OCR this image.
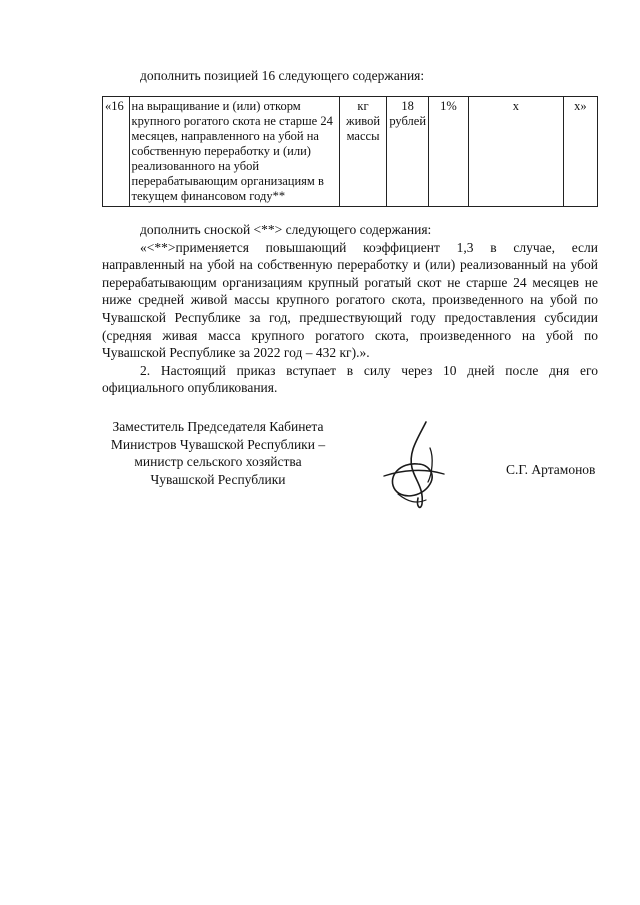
дополнить позицией 16 следующего содержания:
«16	на выращивание и (или) откорм крупного рогатого скота не старше 24 месяцев, направленного на убой на собственную переработку и (или) реализованного на убой перерабатывающим организациям в текущем финансовом году**	кг живой массы	18 рублей	1%	х	х»

дополнить сноской <**> следующего содержания:

«<**>применяется повышающий коэффициент 1,3 в случае, если направленный на убой на собственную переработку и (или) реализованный на убой перерабатывающим организациям крупный рогатый скот не старше 24 месяцев не ниже средней живой массы крупного рогатого скота, произведенного на убой по Чувашской Республике за год, предшествующий году предоставления субсидии (средняя живая масса крупного рогатого скота, произведенного на убой по Чувашской Республике за 2022 год – 432 кг).».

2. Настоящий приказ вступает в силу через 10 дней после дня его официального опубликования.

Заместитель Председателя Кабинета
Министров Чувашской Республики –
министр сельского хозяйства
Чувашской Республики
С.Г. Артамонов
